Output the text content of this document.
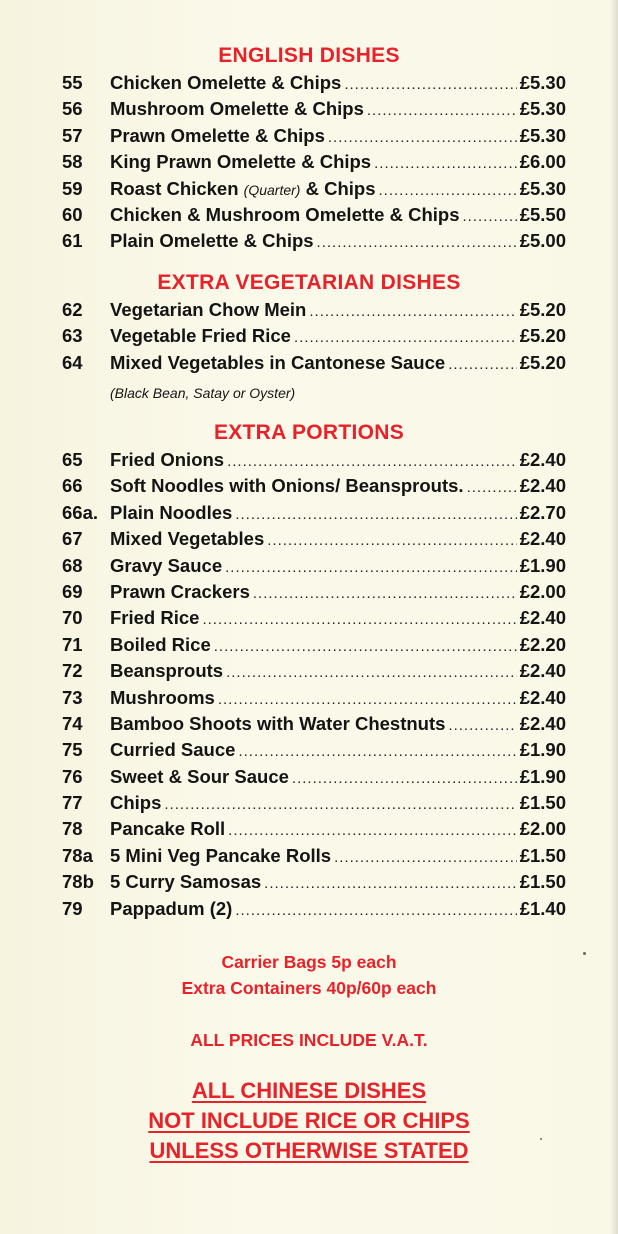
ENGLISH DISHES
55	Chicken Omelette & Chips .....	£5.30
56	Mushroom Omelette & Chips .....	£5.30
57	Prawn Omelette & Chips .....	£5.30
58	King Prawn Omelette & Chips .....	£6.00
59	Roast Chicken (Quarter) & Chips .....	£5.30
60	Chicken & Mushroom Omelette & Chips .....	£5.50
61	Plain Omelette & Chips .....	£5.00
EXTRA VEGETARIAN DISHES
62	Vegetarian Chow Mein .....	£5.20
63	Vegetable Fried Rice .....	£5.20
64	Mixed Vegetables in Cantonese Sauce .....	£5.20
(Black Bean, Satay or Oyster)
EXTRA PORTIONS
65	Fried Onions .....	£2.40
66	Soft Noodles with Onions/ Beansprouts. .....	£2.40
66a. Plain Noodles .....	£2.70
67	Mixed Vegetables .....	£2.40
68	Gravy Sauce .....	£1.90
69	Prawn Crackers .....	£2.00
70	Fried Rice .....	£2.40
71	Boiled Rice .....	£2.20
72	Beansprouts .....	£2.40
73	Mushrooms .....	£2.40
74	Bamboo Shoots with Water Chestnuts .....	£2.40
75	Curried Sauce .....	£1.90
76	Sweet & Sour Sauce .....	£1.90
77	Chips .....	£1.50
78	Pancake Roll .....	£2.00
78a 5 Mini Veg Pancake Rolls .....	£1.50
78b 5 Curry Samosas .....	£1.50
79	Pappadum (2) .....	£1.40
Carrier Bags 5p each
Extra Containers 40p/60p each
ALL PRICES INCLUDE V.A.T.
ALL CHINESE DISHES
NOT INCLUDE RICE OR CHIPS
UNLESS OTHERWISE STATED
